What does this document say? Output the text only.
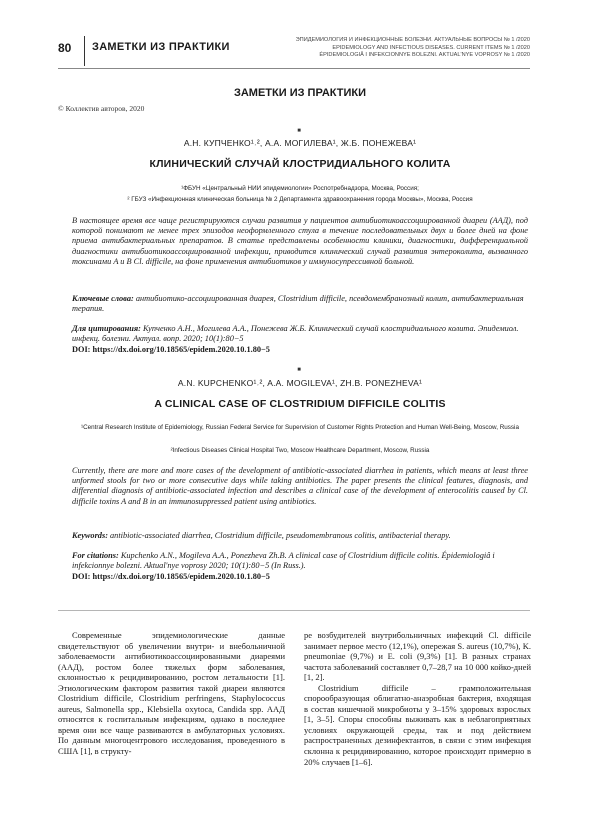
80 ЗАМЕТКИ ИЗ ПРАКТИКИ
ЭПИДЕМИОЛОГИЯ И ИНФЕКЦИОННЫЕ БОЛЕЗНИ. АКТУАЛЬНЫЕ ВОПРОСЫ № 1 /2020
EPIDEMIOLOGY AND INFECTIOUS DISEASES. CURRENT ITEMS № 1 /2020
ÉPIDEMIOLOGIÂ I INFEKCIONNYE BOLEZNI. AKTUAL'NYE VOPROSY № 1 /2020
ЗАМЕТКИ ИЗ ПРАКТИКИ
© Коллектив авторов, 2020
■
А.Н. КУПЧЕНКО¹˒², А.А. МОГИЛЕВА¹, Ж.Б. ПОНЕЖЕВА¹
КЛИНИЧЕСКИЙ СЛУЧАЙ КЛОСТРИДИАЛЬНОГО КОЛИТА
¹ФБУН «Центральный НИИ эпидемиологии» Роспотребнадзора, Москва, Россия;
² ГБУЗ «Инфекционная клиническая больница № 2 Департамента здравоохранения города Москвы», Москва, Россия
В настоящее время все чаще регистрируются случаи развития у пациентов антибиотикоассоциированной диареи (ААД), под которой понимают не менее трех эпизодов неоформленного стула в течение последовательных двух и более дней на фоне приема антибактериальных препаратов. В статье представлены особенности клиники, диагностики, дифференциальной диагностики антибиотикоассоциированной инфекции, приводится клинический случай развития энтероколита, вызванного токсинами A и B Cl. difficile, на фоне применения антибиотиков у иммуносупрессивной больной.
Ключевые слова: антибиотико-ассоциированная диарея, Clostridium difficile, псевдомембранозный колит, антибактериальная терапия.
Для цитирования: Купченко А.Н., Могилева А.А., Понежева Ж.Б. Клинический случай клостридиального колита. Эпидемиол. инфекц. болезни. Актуал. вопр. 2020; 10(1):80−5
DOI: https://dx.doi.org/10.18565/epidem.2020.10.1.80−5
■
A.N. KUPCHENKO¹˒², A.A. MOGILEVA¹, ZH.B. PONEZHEVA¹
A CLINICAL CASE OF CLOSTRIDIUM DIFFICILE COLITIS
¹Central Research Institute of Epidemiology, Russian Federal Service for Supervision of Customer Rights Protection and Human Well-Being, Moscow, Russia
²Infectious Diseases Clinical Hospital Two, Moscow Healthcare Department, Moscow, Russia
Currently, there are more and more cases of the development of antibiotic-associated diarrhea in patients, which means at least three unformed stools for two or more consecutive days while taking antibiotics. The paper presents the clinical features, diagnosis, and differential diagnosis of antibiotic-associated infection and describes a clinical case of the development of enterocolitis caused by Cl. difficile toxins A and B in an immunosuppressed patient using antibiotics.
Keywords: antibiotic-associated diarrhea, Clostridium difficile, pseudomembranous colitis, antibacterial therapy.
For citations: Kupchenko A.N., Mogileva A.A., Ponezheva Zh.B. A clinical case of Clostridium difficile colitis. Épidemiologiâ i infekcionnye bolezni. Aktual'nye voprosy 2020; 10(1):80−5 (In Russ.).
DOI: https://dx.doi.org/10.18565/epidem.2020.10.1.80−5

Современные эпидемиологические данные свидетельствуют об увеличении внутри- и внебольничной заболеваемости антибиотикоассоциированными диареями (ААД), ростом более тяжелых форм заболевания, склонностью к рецидивированию, ростом летальности [1]. Этиологическим фактором развития такой диареи являются Clostridium difficile, Clostridium perfringens, Staphylococcus aureus, Salmonella spp., Klebsiella oxytoca, Candida spp. ААД относятся к госпитальным инфекциям, однако в последнее время они все чаще развиваются в амбулаторных условиях. По данным многоцентрового исследования, проведенного в США [1], в структу-

ре возбудителей внутрибольничных инфекций Cl. difficile занимает первое место (12,1%), опережая S. aureus (10,7%), K. pneumoniae (9,7%) и E. coli (9,3%) [1]. В разных странах частота заболеваний составляет 0,7–28,7 на 10 000 койко-дней [1, 2].

Clostridium difficile – грамположительная спорообразующая облигатно-анаэробная бактерия, входящая в состав кишечной микробиоты у 3–15% здоровых взрослых [1, 3–5]. Споры способны выживать как в неблагоприятных условиях окружающей среды, так и под действием распространенных дезинфектантов, в связи с этим инфекция склонна к рецидивированию, которое происходит примерно в 20% случаев [1–6].
